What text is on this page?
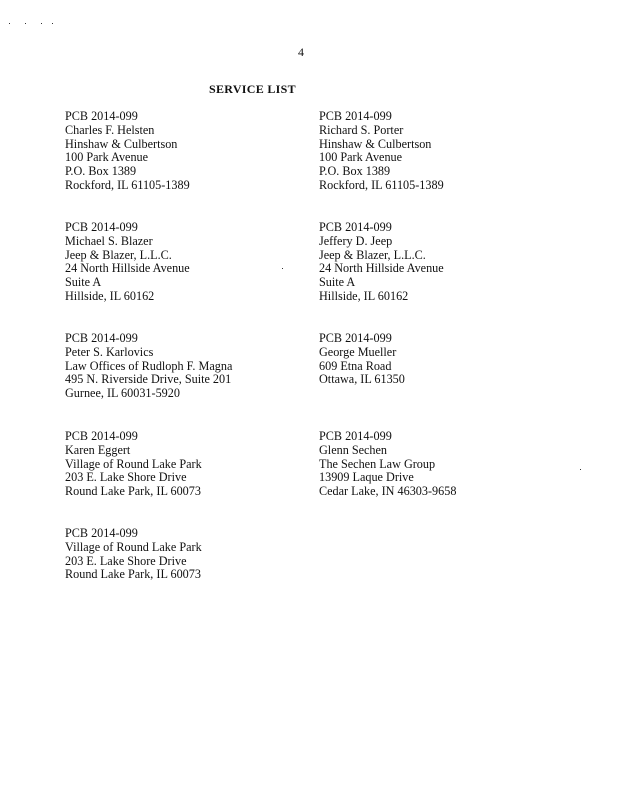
4
SERVICE LIST
PCB 2014-099
Charles F. Helsten
Hinshaw & Culbertson
100 Park Avenue
P.O. Box 1389
Rockford, IL 61105-1389
PCB 2014-099
Richard S. Porter
Hinshaw & Culbertson
100 Park Avenue
P.O. Box 1389
Rockford, IL 61105-1389
PCB 2014-099
Michael S. Blazer
Jeep & Blazer, L.L.C.
24 North Hillside Avenue
Suite A
Hillside, IL 60162
PCB 2014-099
Jeffery D. Jeep
Jeep & Blazer, L.L.C.
24 North Hillside Avenue
Suite A
Hillside, IL 60162
PCB 2014-099
Peter S. Karlovics
Law Offices of Rudloph F. Magna
495 N. Riverside Drive, Suite 201
Gurnee, IL 60031-5920
PCB 2014-099
George Mueller
609 Etna Road
Ottawa, IL 61350
PCB 2014-099
Karen Eggert
Village of Round Lake Park
203 E. Lake Shore Drive
Round Lake Park, IL 60073
PCB 2014-099
Glenn Sechen
The Sechen Law Group
13909 Laque Drive
Cedar Lake, IN 46303-9658
PCB 2014-099
Village of Round Lake Park
203 E. Lake Shore Drive
Round Lake Park, IL 60073
